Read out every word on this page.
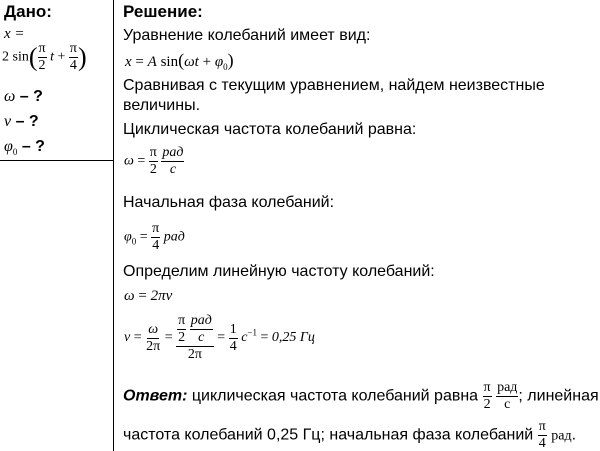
Дано:
x =
2 $\sin( \frac{\pi}{2}$ $t + \frac{\pi}{4}$ )
ω – ?
ν – ?
$\varphi_0$ – ?
Решение:
Уравнение колебаний имеет вид:
x = A $\sin(\omega t + \varphi_0)$
Сравнивая с текущим уравнением, найдем неизвестные
величины.
Циклическая частота колебаний равна:
$\omega = \frac{\pi}{2}$
рад
с
Начальная фаза колебаний:
$\varphi_0 = \frac{\pi}{4}$ рад
Определим линейную частоту колебаний:
ω = 2πν
$\nu = \frac{\omega}{2\pi} = \frac{\pi}{2}$
рад
с
2π
= $\frac{1}{4} c^{-1} = 0,25$ Гц
Ответ: циклическая частота колебаний равна $\frac{\pi}{2}$
рад
с ; линейная
частота колебаний 0,25 Гц; начальная фаза колебаний $\frac{\pi}{4}$ рад.
